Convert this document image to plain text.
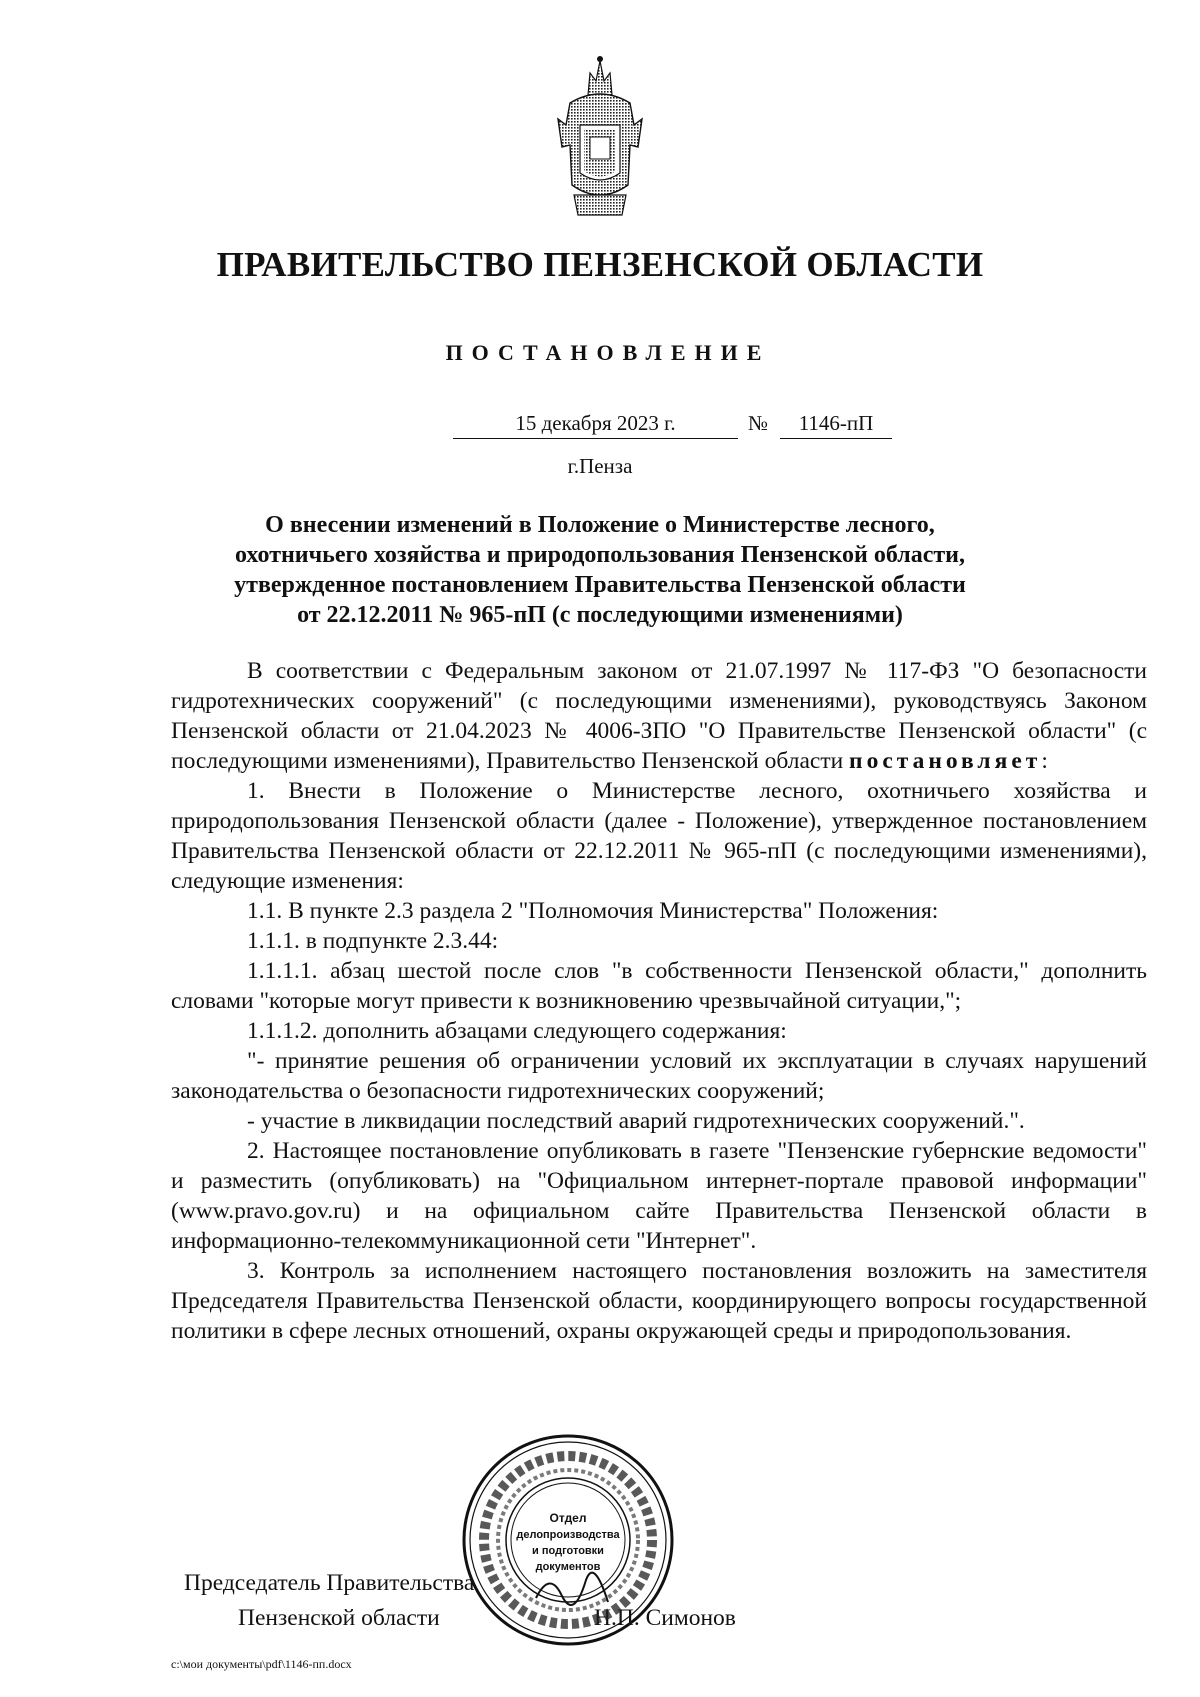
ПРАВИТЕЛЬСТВО ПЕНЗЕНСКОЙ ОБЛАСТИ
ПОСТАНОВЛЕНИЕ
15 декабря 2023 г.	№	1146-пП
г.Пенза
О внесении изменений в Положение о Министерстве лесного,
охотничьего хозяйства и природопользования Пензенской области,
утвержденное постановлением Правительства Пензенской области
от 22.12.2011 № 965-пП (с последующими изменениями)

В соответствии с Федеральным законом от 21.07.1997 № 117-ФЗ "О безопасности гидротехнических сооружений" (с последующими изменениями), руководствуясь Законом Пензенской области от 21.04.2023 № 4006-ЗПО "О Правительстве Пензенской области" (с последующими изменениями), Правительство Пензенской области постановляет:

1. Внести в Положение о Министерстве лесного, охотничьего хозяйства и природопользования Пензенской области (далее - Положение), утвержденное постановлением Правительства Пензенской области от 22.12.2011 № 965-пП (с последующими изменениями), следующие изменения:

1.1. В пункте 2.3 раздела 2 "Полномочия Министерства" Положения:

1.1.1. в подпункте 2.3.44:

1.1.1.1. абзац шестой после слов "в собственности Пензенской области," дополнить словами "которые могут привести к возникновению чрезвычайной ситуации,";

1.1.1.2. дополнить абзацами следующего содержания:

"- принятие решения об ограничении условий их эксплуатации в случаях нарушений законодательства о безопасности гидротехнических сооружений;

- участие в ликвидации последствий аварий гидротехнических сооружений.".

2. Настоящее постановление опубликовать в газете "Пензенские губернские ведомости" и разместить (опубликовать) на "Официальном интернет-портале правовой информации" (www.pravo.gov.ru) и на официальном сайте Правительства Пензенской области в информационно-телекоммуникационной сети "Интернет".

3. Контроль за исполнением настоящего постановления возложить на заместителя Председателя Правительства Пензенской области, координирующего вопросы государственной политики в сфере лесных отношений, охраны окружающей среды и природопользования.

Председатель Правительства
Пензенской области	Н.П. Симонов
c:\мои документы\pdf\1146-пп.docx
Отдел
делопроизводства
и подготовки
документов
